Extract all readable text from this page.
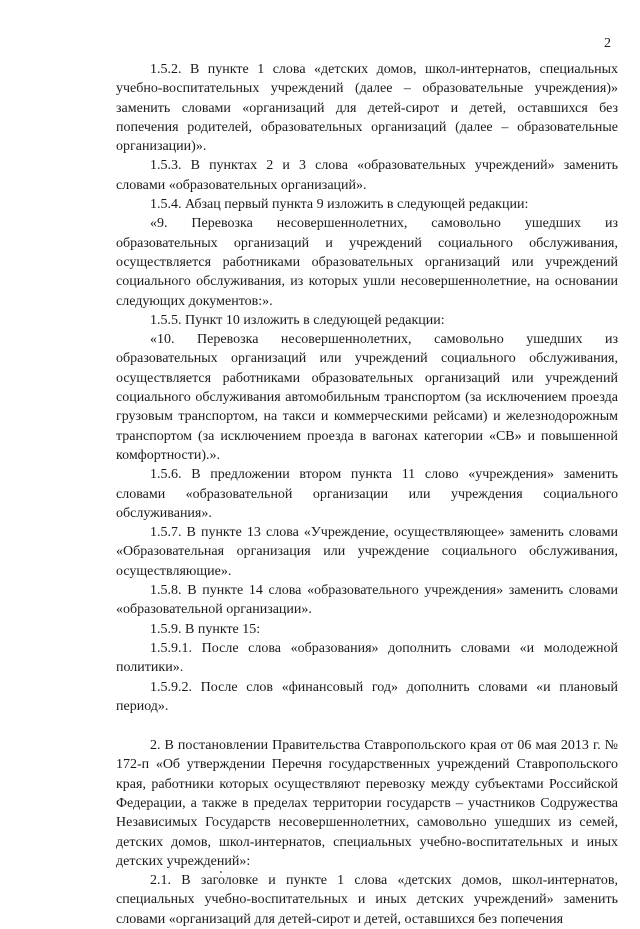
2

1.5.2. В пункте 1 слова «детских домов, школ-интернатов, специальных учебно-воспитательных учреждений (далее – образовательные учреждения)» заменить словами «организаций для детей-сирот и детей, оставшихся без попечения родителей, образовательных организаций (далее – образовательные организации)».

1.5.3. В пунктах 2 и 3 слова «образовательных учреждений» заменить словами «образовательных организаций».

1.5.4. Абзац первый пункта 9 изложить в следующей редакции:

«9. Перевозка несовершеннолетних, самовольно ушедших из образовательных организаций и учреждений социального обслуживания, осуществляется работниками образовательных организаций или учреждений социального обслуживания, из которых ушли несовершеннолетние, на основании следующих документов:».

1.5.5. Пункт 10 изложить в следующей редакции:

«10. Перевозка несовершеннолетних, самовольно ушедших из образовательных организаций или учреждений социального обслуживания, осуществляется работниками образовательных организаций или учреждений социального обслуживания автомобильным транспортом (за исключением проезда грузовым транспортом, на такси и коммерческими рейсами) и железнодорожным транспортом (за исключением проезда в вагонах категории «СВ» и повышенной комфортности).».

1.5.6. В предложении втором пункта 11 слово «учреждения» заменить словами «образовательной организации или учреждения социального обслуживания».

1.5.7. В пункте 13 слова «Учреждение, осуществляющее» заменить словами «Образовательная организация или учреждение социального обслуживания, осуществляющие».

1.5.8. В пункте 14 слова «образовательного учреждения» заменить словами «образовательной организации».

1.5.9. В пункте 15:

1.5.9.1. После слова «образования» дополнить словами «и молодежной политики».

1.5.9.2. После слов «финансовый год» дополнить словами «и плановый период».

2. В постановлении Правительства Ставропольского края от 06 мая 2013 г. № 172-п «Об утверждении Перечня государственных учреждений Ставропольского края, работники которых осуществляют перевозку между субъектами Российской Федерации, а также в пределах территории государств – участников Содружества Независимых Государств несовершеннолетних, самовольно ушедших из семей, детских домов, школ-интернатов, специальных учебно-воспитательных и иных детских учреждений»:

2.1. В заголовке и пункте 1 слова «детских домов, школ-интернатов, специальных учебно-воспитательных и иных детских учреждений» заменить словами «организаций для детей-сирот и детей, оставшихся без попечения
